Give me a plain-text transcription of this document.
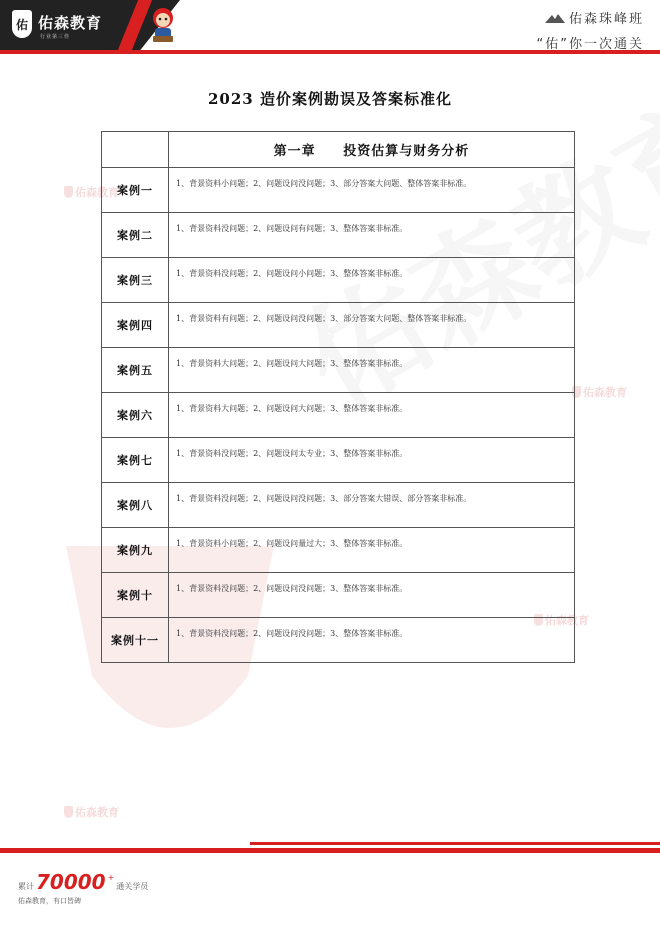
佑 佑森教育
行业第三佳
佑森珠峰班
“佑”你一次通关
佑森教育
佑森教育
佑森教育
佑森教育
2023 造价案例勘误及答案标准化
	第一章     投资估算与财务分析
案例一	1、背景资料小问题；2、问题设问没问题；3、部分答案大问题、整体答案非标准。
案例二	1、背景资料没问题；2、问题设问有问题；3、整体答案非标准。
案例三	1、背景资料没问题；2、问题设问小问题；3、整体答案非标准。
案例四	1、背景资料有问题；2、问题设问没问题；3、部分答案大问题、整体答案非标准。
案例五	1、背景资料大问题；2、问题设问大问题；3、整体答案非标准。
案例六	1、背景资料大问题；2、问题设问大问题；3、整体答案非标准。
案例七	1、背景资料没问题；2、问题设问太专业；3、整体答案非标准。
案例八	1、背景资料没问题；2、问题设问没问题；3、部分答案大错误、部分答案非标准。
案例九	1、背景资料小问题；2、问题设问量过大；3、整体答案非标准。
案例十	1、背景资料没问题；2、问题设问没问题；3、整体答案非标准。
案例十一	1、背景资料没问题；2、问题设问没问题；3、整体答案非标准。
累计 70000 +
通关学员
佑森教育，有口皆碑
